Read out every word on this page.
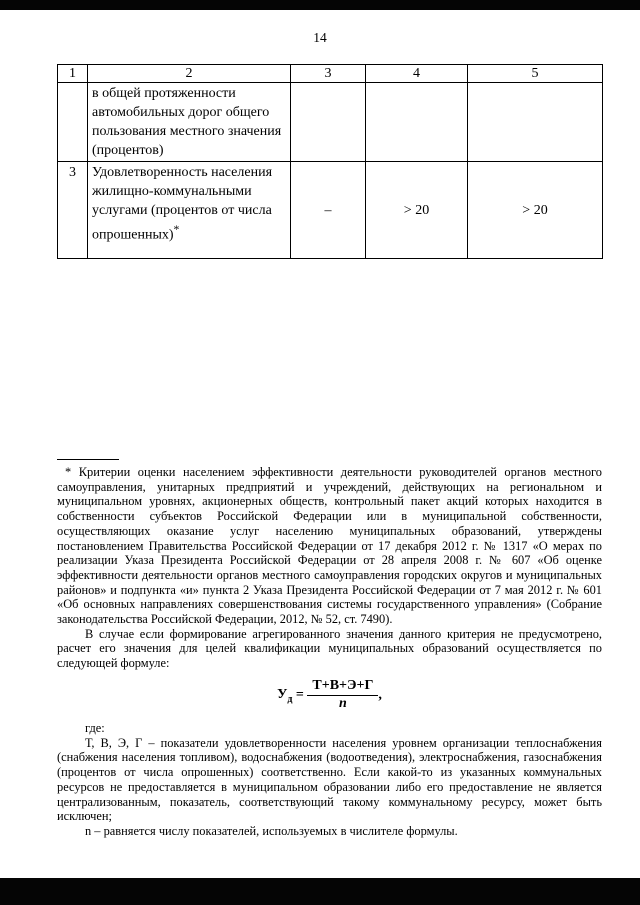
14
1	2	3	4	5
	в общей протяженности автомобильных дорог общего пользования местного значения (процентов)			
3	Удовлетворенность населения жилищно-коммунальными услугами (процентов от числа опрошенных)*	–	> 20	> 20

* Критерии оценки населением эффективности деятельности руководителей органов местного самоуправления, унитарных предприятий и учреждений, действующих на региональном и муниципальном уровнях, акционерных обществ, контрольный пакет акций которых находится в собственности субъектов Российской Федерации или в муниципальной собственности, осуществляющих оказание услуг населению муниципальных образований, утверждены постановлением Правительства Российской Федерации от 17 декабря 2012 г. № 1317 «О мерах по реализации Указа Президента Российской Федерации от 28 апреля 2008 г. № 607 «Об оценке эффективности деятельности органов местного самоуправления городских округов и муниципальных районов» и подпункта «и» пункта 2 Указа Президента Российской Федерации от 7 мая 2012 г. № 601 «Об основных направлениях совершенствования системы государственного управления» (Собрание законодательства Российской Федерации, 2012, № 52, ст. 7490).

В случае если формирование агрегированного значения данного критерия не предусмотрено, расчет его значения для целей квалификации муниципальных образований осуществляется по следующей формуле:

$У_д = \frac{Т+В+Э+Г}{n}$ ,

где:

Т, В, Э, Г – показатели удовлетворенности населения уровнем организации теплоснабжения (снабжения населения топливом), водоснабжения (водоотведения), электроснабжения, газоснабжения (процентов от числа опрошенных) соответственно. Если какой-то из указанных коммунальных ресурсов не предоставляется в муниципальном образовании либо его предоставление не является централизованным, показатель, соответствующий такому коммунальному ресурсу, может быть исключен;

n – равняется числу показателей, используемых в числителе формулы.
